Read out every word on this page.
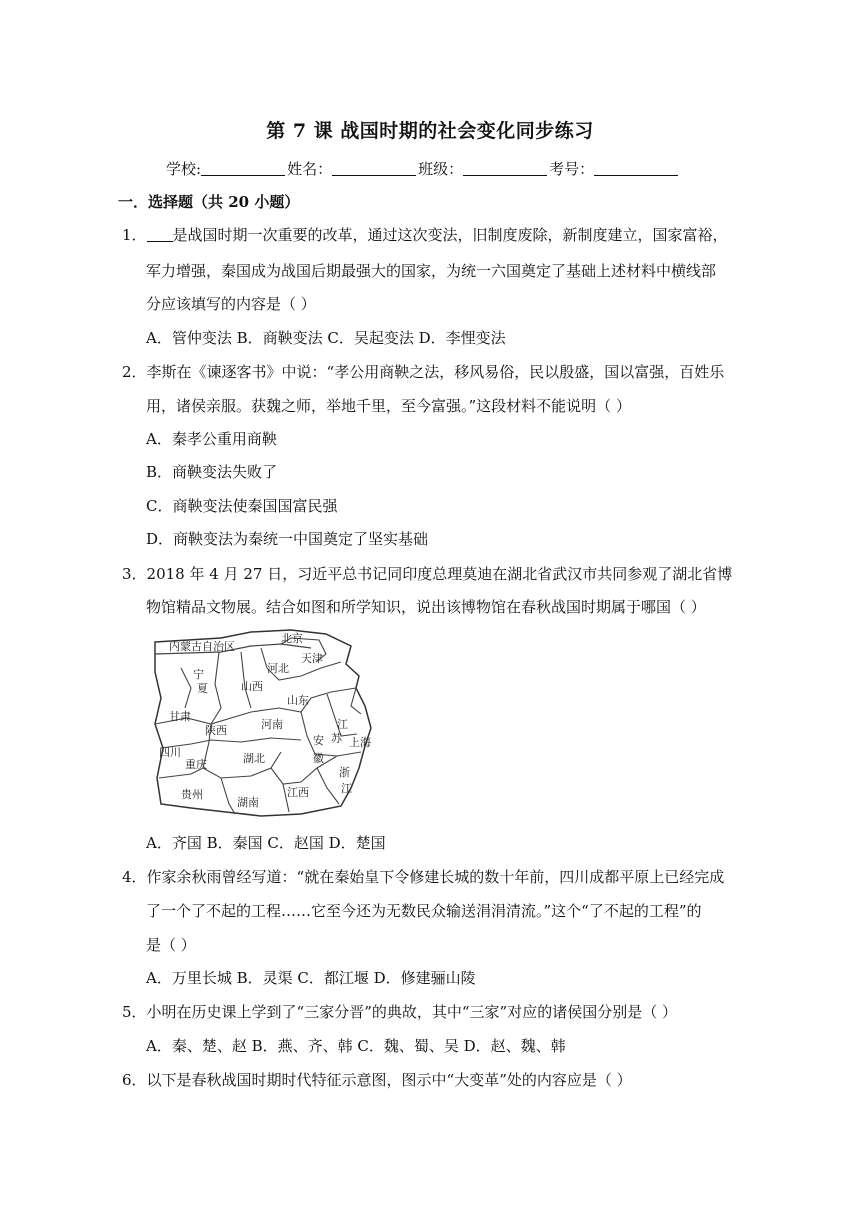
第 7 课 战国时期的社会变化同步练习
学校:	姓名：	班级：	考号：
一．选择题（共 20 小题）
1． 是战国时期一次重要的改革，通过这次变法，旧制度废除，新制度建立，国家富裕，
军力增强，秦国成为战国后期最强大的国家，为统一六国奠定了基础上述材料中横线部
分应该填写的内容是（ ）
A．管仲变法 B．商鞅变法 C．吴起变法 D．李悝变法
2．李斯在《谏逐客书》中说：“孝公用商鞅之法，移风易俗，民以殷盛，国以富强，百姓乐
用，诸侯亲服。获魏之师，举地千里，至今富强。”这段材料不能说明（ ）
A．秦孝公重用商鞅
B．商鞅变法失败了
C．商鞅变法使秦国国富民强
D．商鞅变法为秦统一中国奠定了坚实基础
3．2018 年 4 月 27 日，习近平总书记同印度总理莫迪在湖北省武汉市共同参观了湖北省博
物馆精品文物展。结合如图和所学知识，说出该博物馆在春秋战国时期属于哪国（ ）
内蒙古自治区
北京
天津
河北
宁
夏	山西
山东
甘肃
陕西	河南
安
徽
江
苏 上海
四川	湖北
重庆
浙
江
贵州
湖南
江西
A．齐国 B．秦国 C．赵国 D．楚国
4．作家余秋雨曾经写道：“就在秦始皇下令修建长城的数十年前，四川成都平原上已经完成
了一个了不起的工程……它至今还为无数民众输送涓涓清流。”这个“了不起的工程”的
是（ ）
A．万里长城 B．灵渠 C．都江堰 D．修建骊山陵
5．小明在历史课上学到了“三家分晋”的典故，其中“三家”对应的诸侯国分别是（ ）
A．秦、楚、赵 B．燕、齐、韩 C．魏、蜀、吴 D．赵、魏、韩
6．以下是春秋战国时期时代特征示意图，图示中“大变革”处的内容应是（ ）
